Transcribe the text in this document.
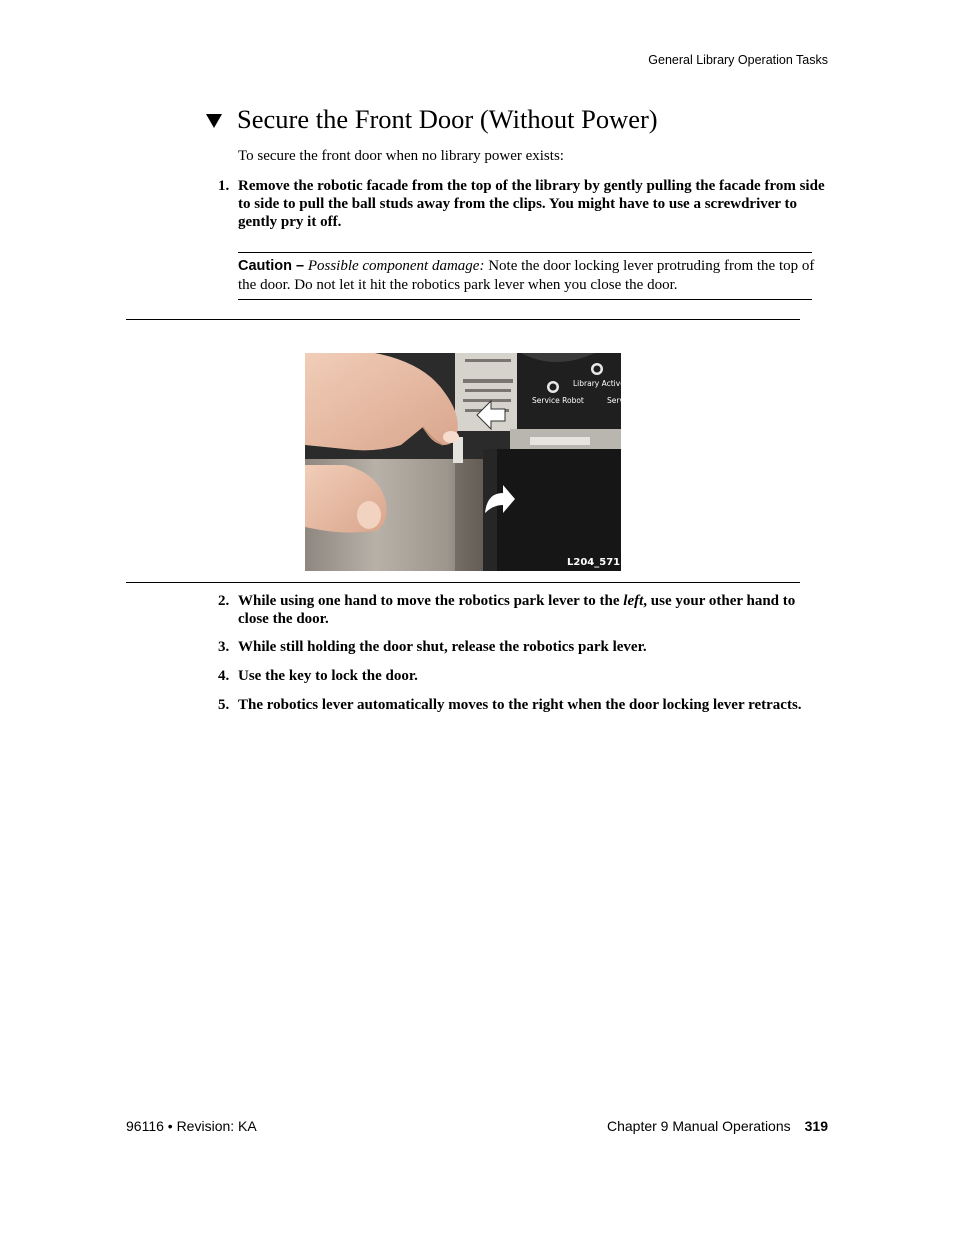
General Library Operation Tasks
Secure the Front Door (Without Power)
To secure the front door when no library power exists:
1. Remove the robotic facade from the top of the library by gently pulling the facade from side to side to pull the ball studs away from the clips. You might have to use a screwdriver to gently pry it off.
Caution – Possible component damage: Note the door locking lever protruding from the top of the door. Do not let it hit the robotics park lever when you close the door.
Library Active
Service Robot	Serv
L204_571
2. While using one hand to move the robotics park lever to the left, use your other hand to close the door.
3. While still holding the door shut, release the robotics park lever.
4. Use the key to lock the door.
5. The robotics lever automatically moves to the right when the door locking lever retracts.
96116 • Revision: KA	Chapter 9 Manual Operations 319
